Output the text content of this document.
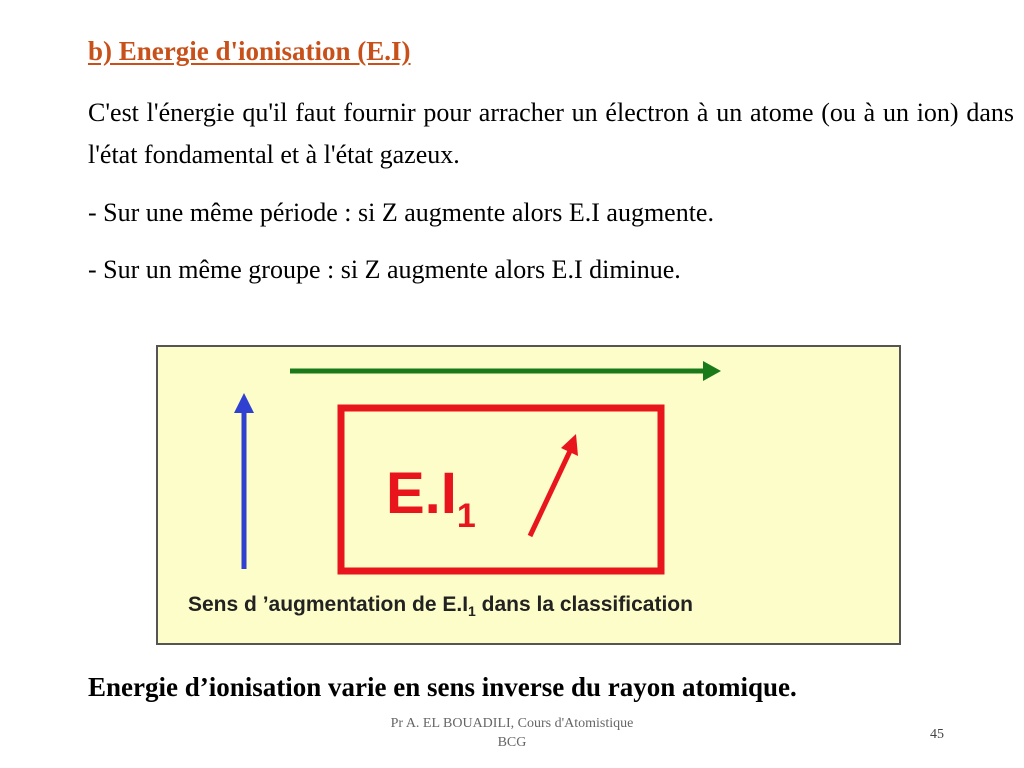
b) Energie d'ionisation (E.I)
C'est l'énergie qu'il faut fournir pour arracher un électron à un atome (ou à un ion) dans l'état fondamental et à l'état gazeux.
- Sur une même période : si Z augmente alors E.I augmente.
- Sur un même groupe : si Z augmente alors E.I diminue.
$E.I_1$
Sens d ’augmentation de $E.I_1$ dans la classification
Energie d’ionisation varie en sens inverse du rayon atomique.
Pr A. EL BOUADILI, Cours d'Atomistique
BCG
45
